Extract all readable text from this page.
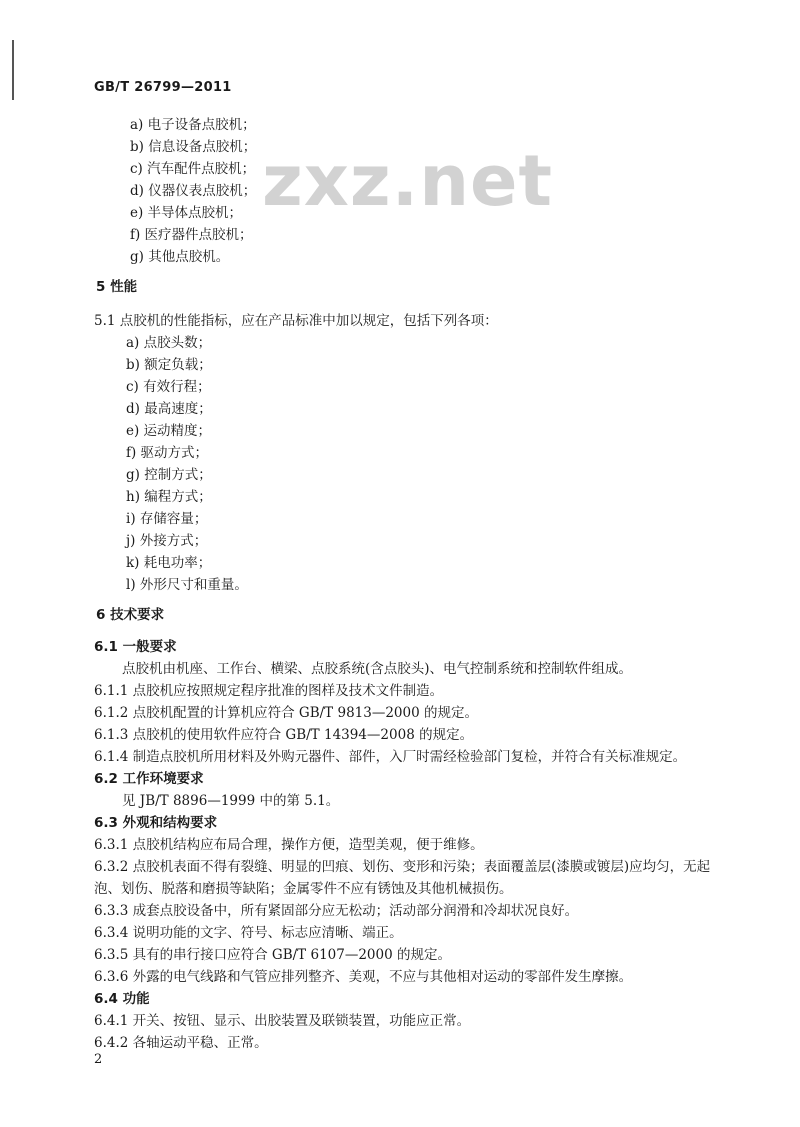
GB/T 26799—2011
zxz.net
a) 电子设备点胶机；
b) 信息设备点胶机；
c) 汽车配件点胶机；
d) 仪器仪表点胶机；
e) 半导体点胶机；
f) 医疗器件点胶机；
g) 其他点胶机。
5 性能
5.1 点胶机的性能指标，应在产品标准中加以规定，包括下列各项：
a) 点胶头数；
b) 额定负载；
c) 有效行程；
d) 最高速度；
e) 运动精度；
f) 驱动方式；
g) 控制方式；
h) 编程方式；
i) 存储容量；
j) 外接方式；
k) 耗电功率；
l) 外形尺寸和重量。
6 技术要求
6.1 一般要求
点胶机由机座、工作台、横梁、点胶系统(含点胶头)、电气控制系统和控制软件组成。
6.1.1 点胶机应按照规定程序批准的图样及技术文件制造。
6.1.2 点胶机配置的计算机应符合 GB/T 9813—2000 的规定。
6.1.3 点胶机的使用软件应符合 GB/T 14394—2008 的规定。
6.1.4 制造点胶机所用材料及外购元器件、部件，入厂时需经检验部门复检，并符合有关标准规定。
6.2 工作环境要求
见 JB/T 8896—1999 中的第 5.1。
6.3 外观和结构要求
6.3.1 点胶机结构应布局合理，操作方便，造型美观，便于维修。
6.3.2 点胶机表面不得有裂缝、明显的凹痕、划伤、变形和污染；表面覆盖层(漆膜或镀层)应均匀，无起
泡、划伤、脱落和磨损等缺陷；金属零件不应有锈蚀及其他机械损伤。
6.3.3 成套点胶设备中，所有紧固部分应无松动；活动部分润滑和冷却状况良好。
6.3.4 说明功能的文字、符号、标志应清晰、端正。
6.3.5 具有的串行接口应符合 GB/T 6107—2000 的规定。
6.3.6 外露的电气线路和气管应排列整齐、美观，不应与其他相对运动的零部件发生摩擦。
6.4 功能
6.4.1 开关、按钮、显示、出胶装置及联锁装置，功能应正常。
6.4.2 各轴运动平稳、正常。
2
